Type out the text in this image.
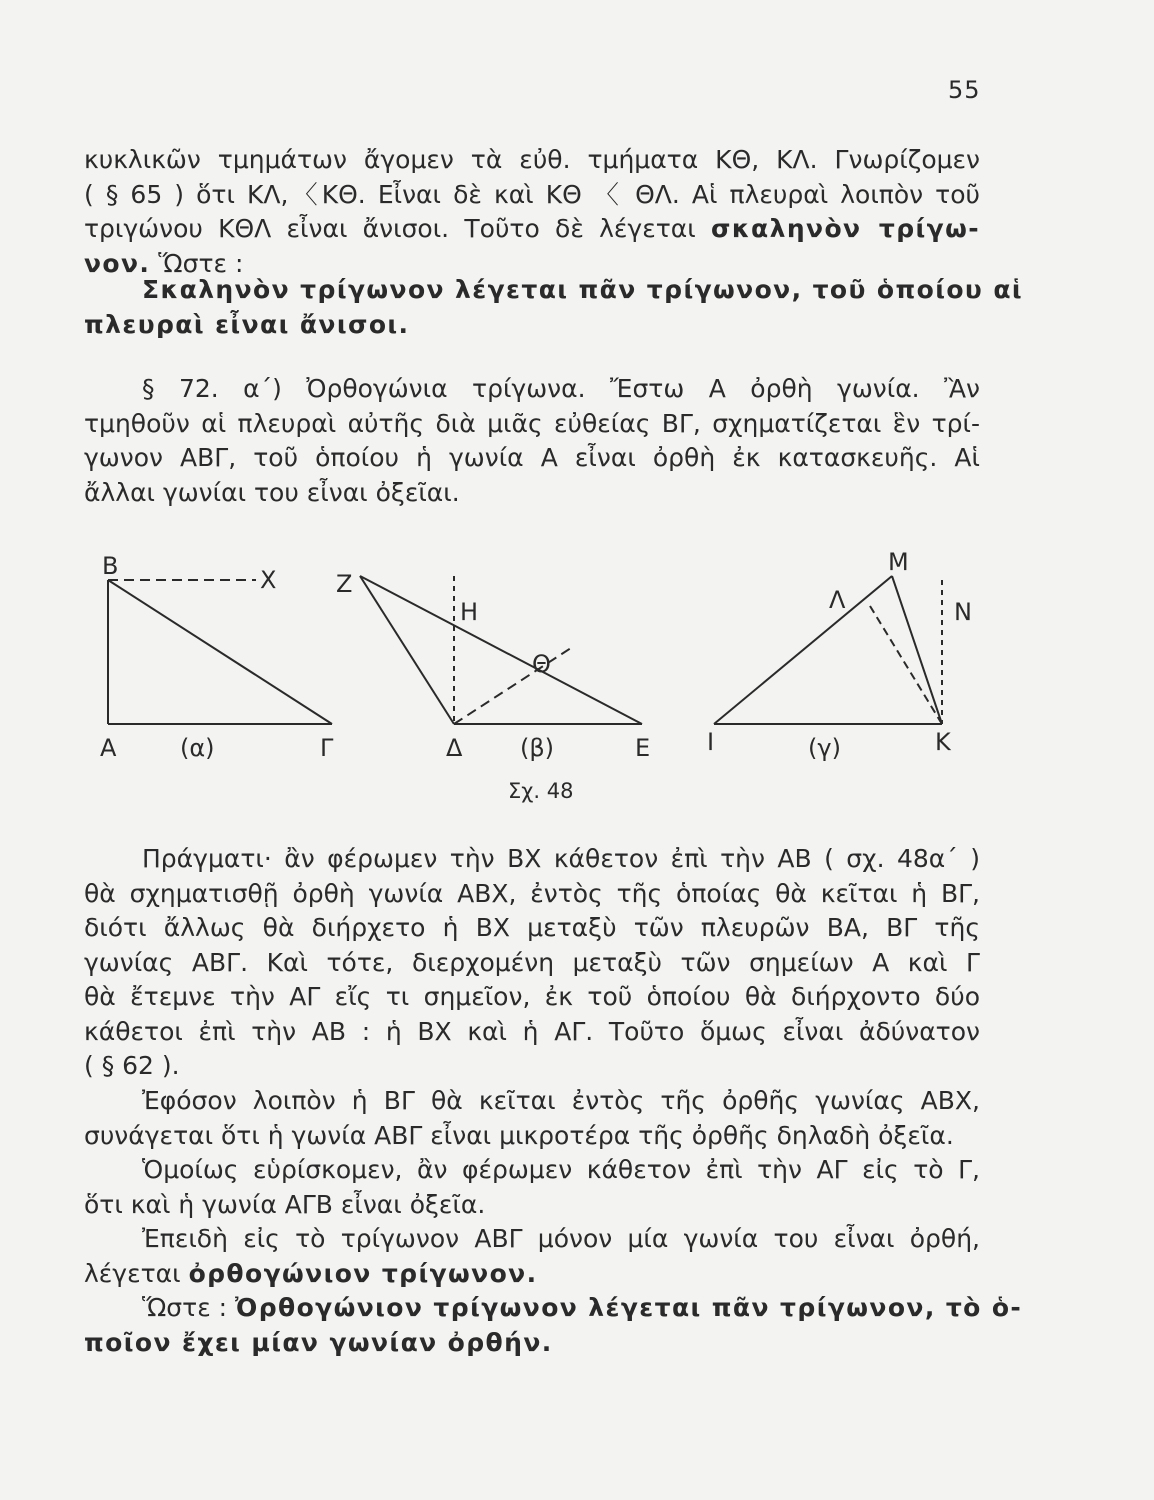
55
κυκλικῶν τμημάτων ἄγομεν τὰ εὐθ. τμήματα ΚΘ, ΚΛ. Γνωρίζομεν
( § 65 ) ὅτι ΚΛ,〈ΚΘ. Εἶναι δὲ καὶ ΚΘ 〈 ΘΛ. Αἱ πλευραὶ λοιπὸν τοῦ
τριγώνου ΚΘΛ εἶναι ἄνισοι. Τοῦτο δὲ λέγεται σκαληνὸν τρίγω-
νον. Ὥστε :
Σκαληνὸν τρίγωνον λέγεται πᾶν τρίγωνον, τοῦ ὁποίου αἱ
πλευραὶ εἶναι ἄνισοι.
§ 72. α΄) Ὀρθογώνια τρίγωνα. Ἔστω Α ὀρθὴ γωνία. Ἂν
τμηθοῦν αἱ πλευραὶ αὐτῆς διὰ μιᾶς εὐθείας ΒΓ, σχηματίζεται ἓν τρί-
γωνον ΑΒΓ, τοῦ ὁποίου ἡ γωνία Α εἶναι ὀρθὴ ἐκ κατασκευῆς. Αἱ
ἄλλαι γωνίαι του εἶναι ὀξεῖαι.
Β	Χ
Α	Γ
(α)
Ζ
Η
Θ
Δ	Ε
(β)
Μ
Λ	Ν
Ι	Κ
(γ)
Σχ. 48
Πράγματι· ἂν φέρωμεν τὴν ΒΧ κάθετον ἐπὶ τὴν ΑΒ ( σχ. 48α΄ )
θὰ σχηματισθῇ ὀρθὴ γωνία ΑΒΧ, ἐντὸς τῆς ὁποίας θὰ κεῖται ἡ ΒΓ,
διότι ἄλλως θὰ διήρχετο ἡ ΒΧ μεταξὺ τῶν πλευρῶν ΒΑ, ΒΓ τῆς
γωνίας ΑΒΓ. Καὶ τότε, διερχομένη μεταξὺ τῶν σημείων Α καὶ Γ
θὰ ἔτεμνε τὴν ΑΓ εἴς τι σημεῖον, ἐκ τοῦ ὁποίου θὰ διήρχοντο δύο
κάθετοι ἐπὶ τὴν ΑΒ : ἡ ΒΧ καὶ ἡ ΑΓ. Τοῦτο ὅμως εἶναι ἀδύνατον
( § 62 ).
Ἐφόσον λοιπὸν ἡ ΒΓ θὰ κεῖται ἐντὸς τῆς ὀρθῆς γωνίας ΑΒΧ,
συνάγεται ὅτι ἡ γωνία ΑΒΓ εἶναι μικροτέρα τῆς ὀρθῆς δηλαδὴ ὀξεῖα.
Ὁμοίως εὑρίσκομεν, ἂν φέρωμεν κάθετον ἐπὶ τὴν ΑΓ εἰς τὸ Γ,
ὅτι καὶ ἡ γωνία ΑΓΒ εἶναι ὀξεῖα.
Ἐπειδὴ εἰς τὸ τρίγωνον ΑΒΓ μόνον μία γωνία του εἶναι ὀρθή,
λέγεται ὀρθογώνιον τρίγωνον.
Ὥστε : Ὀρθογώνιον τρίγωνον λέγεται πᾶν τρίγωνον, τὸ ὁ-
ποῖον ἔχει μίαν γωνίαν ὀρθήν.
